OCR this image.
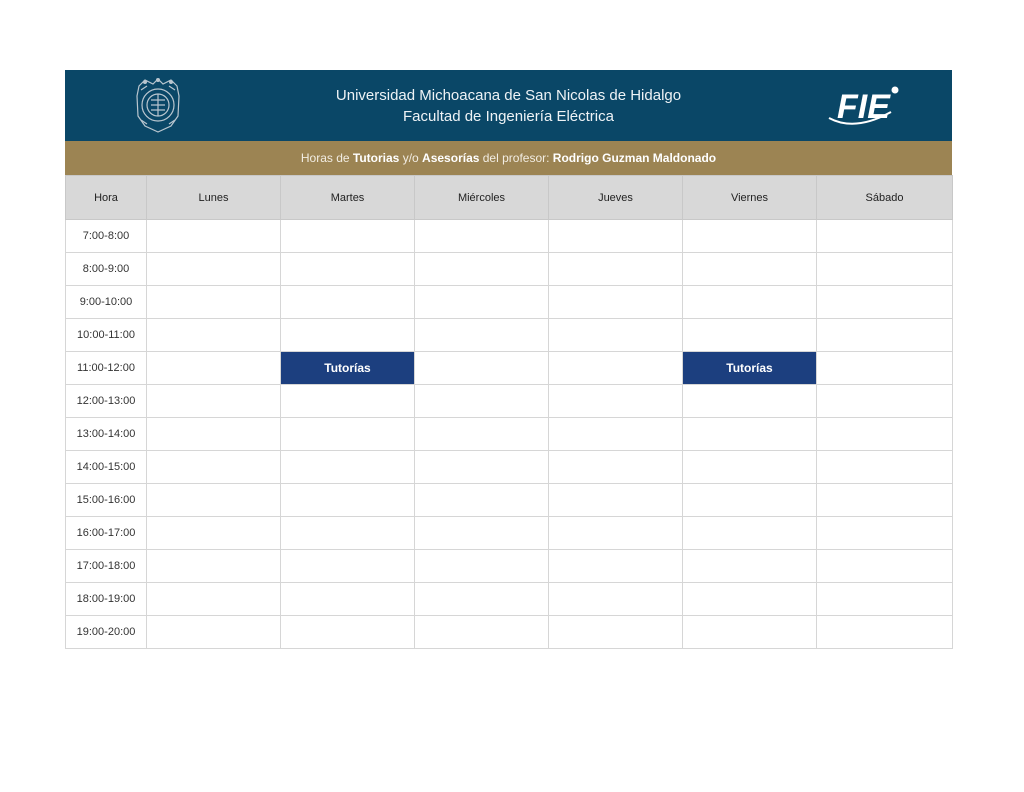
Universidad Michoacana de San Nicolas de Hidalgo
Facultad de Ingeniería Eléctrica	FIE
Horas de Tutorias y/o Asesorías del profesor: Rodrigo Guzman Maldonado
Hora	Lunes	Martes	Miércoles	Jueves	Viernes	Sábado
7:00-8:00						
8:00-9:00						
9:00-10:00						
10:00-11:00						
11:00-12:00		Tutorías			Tutorías	
12:00-13:00						
13:00-14:00						
14:00-15:00						
15:00-16:00						
16:00-17:00						
17:00-18:00						
18:00-19:00						
19:00-20:00						
